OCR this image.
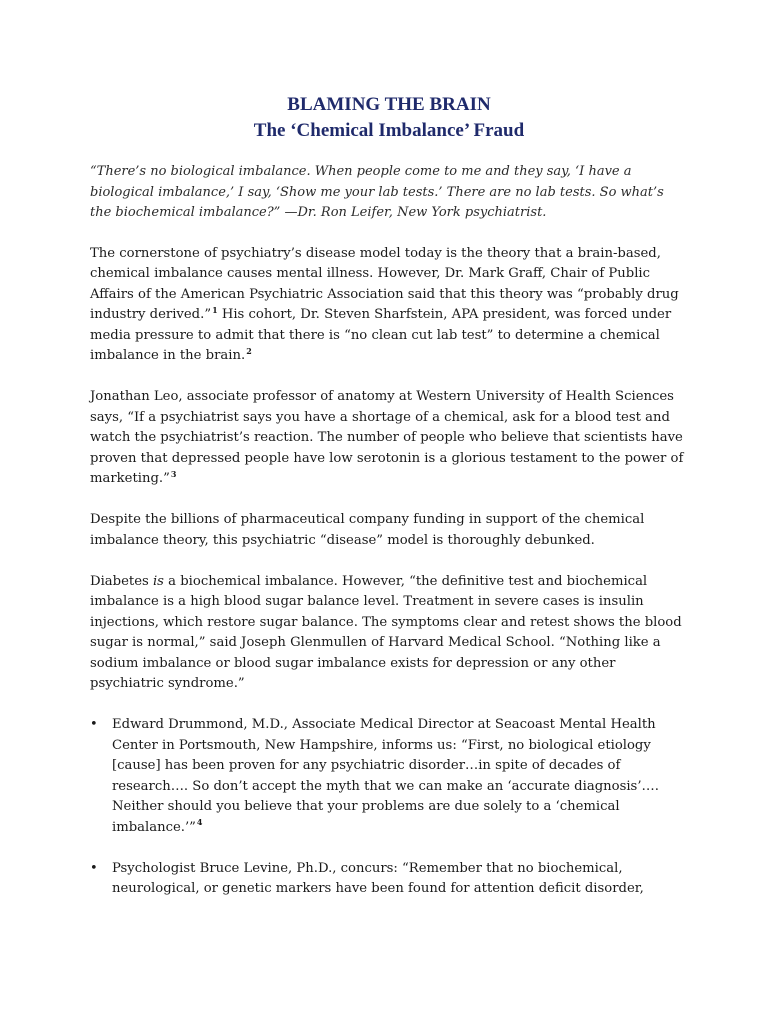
BLAMING THE BRAIN
The ‘Chemical Imbalance’ Fraud

“There’s no biological imbalance. When people come to me and they say, ‘I have a biological imbalance,’ I say, ‘Show me your lab tests.’ There are no lab tests. So what’s the biochemical imbalance?” —Dr. Ron Leifer, New York psychiatrist.

The cornerstone of psychiatry’s disease model today is the theory that a brain-based, chemical imbalance causes mental illness. However, Dr. Mark Graff, Chair of Public Affairs of the American Psychiatric Association said that this theory was “probably drug industry derived.”$^1$ His cohort, Dr. Steven Sharfstein, APA president, was forced under media pressure to admit that there is “no clean cut lab test” to determine a chemical imbalance in the brain.$^2$

Jonathan Leo, associate professor of anatomy at Western University of Health Sciences says, “If a psychiatrist says you have a shortage of a chemical, ask for a blood test and watch the psychiatrist’s reaction. The number of people who believe that scientists have proven that depressed people have low serotonin is a glorious testament to the power of marketing.”$^3$

Despite the billions of pharmaceutical company funding in support of the chemical imbalance theory, this psychiatric “disease” model is thoroughly debunked.

Diabetes is a biochemical imbalance. However, “the definitive test and biochemical imbalance is a high blood sugar balance level. Treatment in severe cases is insulin injections, which restore sugar balance. The symptoms clear and retest shows the blood sugar is normal,” said Joseph Glenmullen of Harvard Medical School. “Nothing like a sodium imbalance or blood sugar imbalance exists for depression or any other psychiatric syndrome.”

• Edward Drummond, M.D., Associate Medical Director at Seacoast Mental Health Center in Portsmouth, New Hampshire, informs us: “First, no biological etiology [cause] has been proven for any psychiatric disorder…in spite of decades of research…. So don’t accept the myth that we can make an ‘accurate diagnosis’…. Neither should you believe that your problems are due solely to a ‘chemical imbalance.’”$^4$
• Psychologist Bruce Levine, Ph.D., concurs: “Remember that no biochemical, neurological, or genetic markers have been found for attention deficit disorder,
